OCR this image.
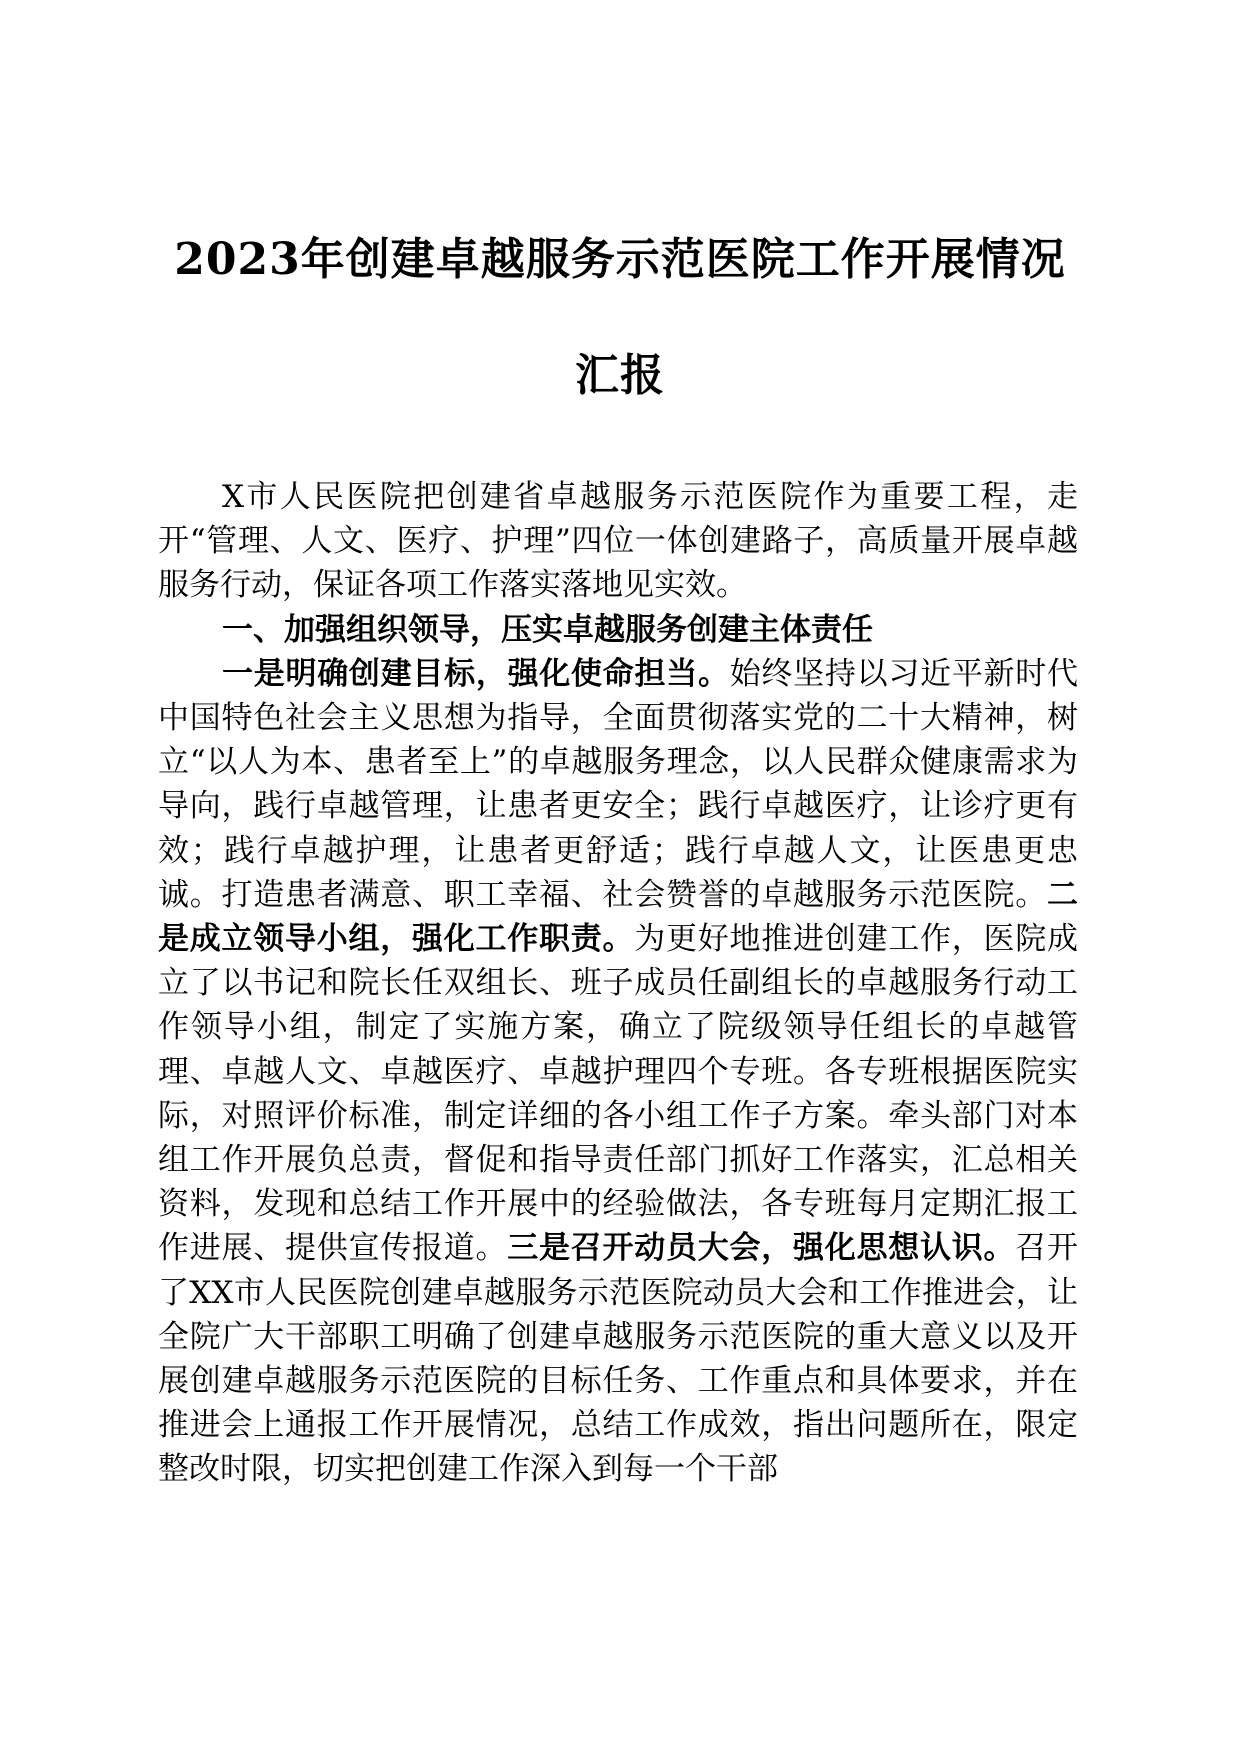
2023年创建卓越服务示范医院工作开展情况
汇报

X市人民医院把创建省卓越服务示范医院作为重要工程，走开“管理、人文、医疗、护理”四位一体创建路子，高质量开展卓越服务行动，保证各项工作落实落地见实效。

一、加强组织领导，压实卓越服务创建主体责任

一是明确创建目标，强化使命担当。始终坚持以习近平新时代中国特色社会主义思想为指导，全面贯彻落实党的二十大精神，树立“以人为本、患者至上”的卓越服务理念，以人民群众健康需求为导向，践行卓越管理，让患者更安全；践行卓越医疗，让诊疗更有效；践行卓越护理，让患者更舒适；践行卓越人文，让医患更忠诚。打造患者满意、职工幸福、社会赞誉的卓越服务示范医院。二是成立领导小组，强化工作职责。为更好地推进创建工作，医院成立了以书记和院长任双组长、班子成员任副组长的卓越服务行动工作领导小组，制定了实施方案，确立了院级领导任组长的卓越管理、卓越人文、卓越医疗、卓越护理四个专班。各专班根据医院实际，对照评价标准，制定详细的各小组工作子方案。牵头部门对本组工作开展负总责，督促和指导责任部门抓好工作落实，汇总相关资料，发现和总结工作开展中的经验做法，各专班每月定期汇报工作进展、提供宣传报道。三是召开动员大会，强化思想认识。召开了XX市人民医院创建卓越服务示范医院动员大会和工作推进会，让全院广大干部职工明确了创建卓越服务示范医院的重大意义以及开展创建卓越服务示范医院的目标任务、工作重点和具体要求，并在推进会上通报工作开展情况，总结工作成效，指出问题所在，限定整改时限，切实把创建工作深入到每一个干部
